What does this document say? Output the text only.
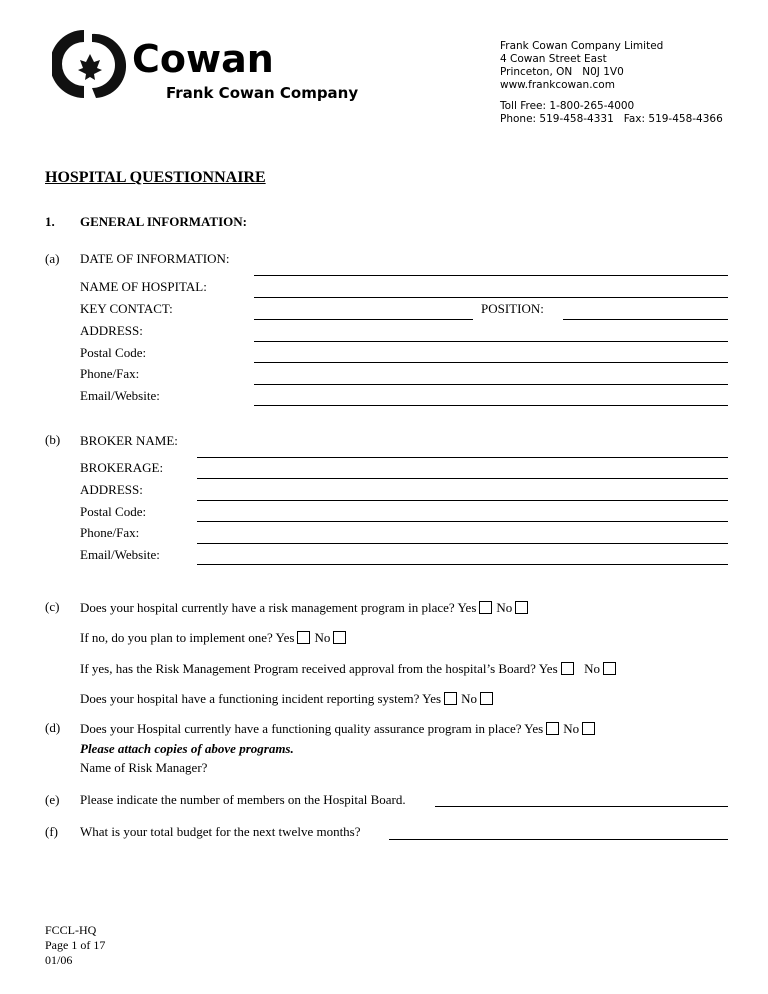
Cowan
Frank Cowan Company
Frank Cowan Company Limited
4 Cowan Street East
Princeton, ON   N0J 1V0
www.frankcowan.com
Toll Free: 1-800-265-4000
Phone: 519-458-4331   Fax: 519-458-4366
HOSPITAL QUESTIONNAIRE
1. GENERAL INFORMATION:
(a) DATE OF INFORMATION:
NAME OF HOSPITAL:
KEY CONTACT:	POSITION:
ADDRESS:
Postal Code:
Phone/Fax:
Email/Website:
(b) BROKER NAME:
BROKERAGE:
ADDRESS:
Postal Code:
Phone/Fax:
Email/Website:
(c) Does your hospital currently have a risk management program in place? Yes No
If no, do you plan to implement one? Yes No
If yes, has the Risk Management Program received approval from the hospital’s Board? Yes No
Does your hospital have a functioning incident reporting system? Yes No
(d) Does your Hospital currently have a functioning quality assurance program in place? Yes No
Please attach copies of above programs.
Name of Risk Manager?
(e) Please indicate the number of members on the Hospital Board.
(f) What is your total budget for the next twelve months?
FCCL-HQ
Page 1 of 17
01/06
